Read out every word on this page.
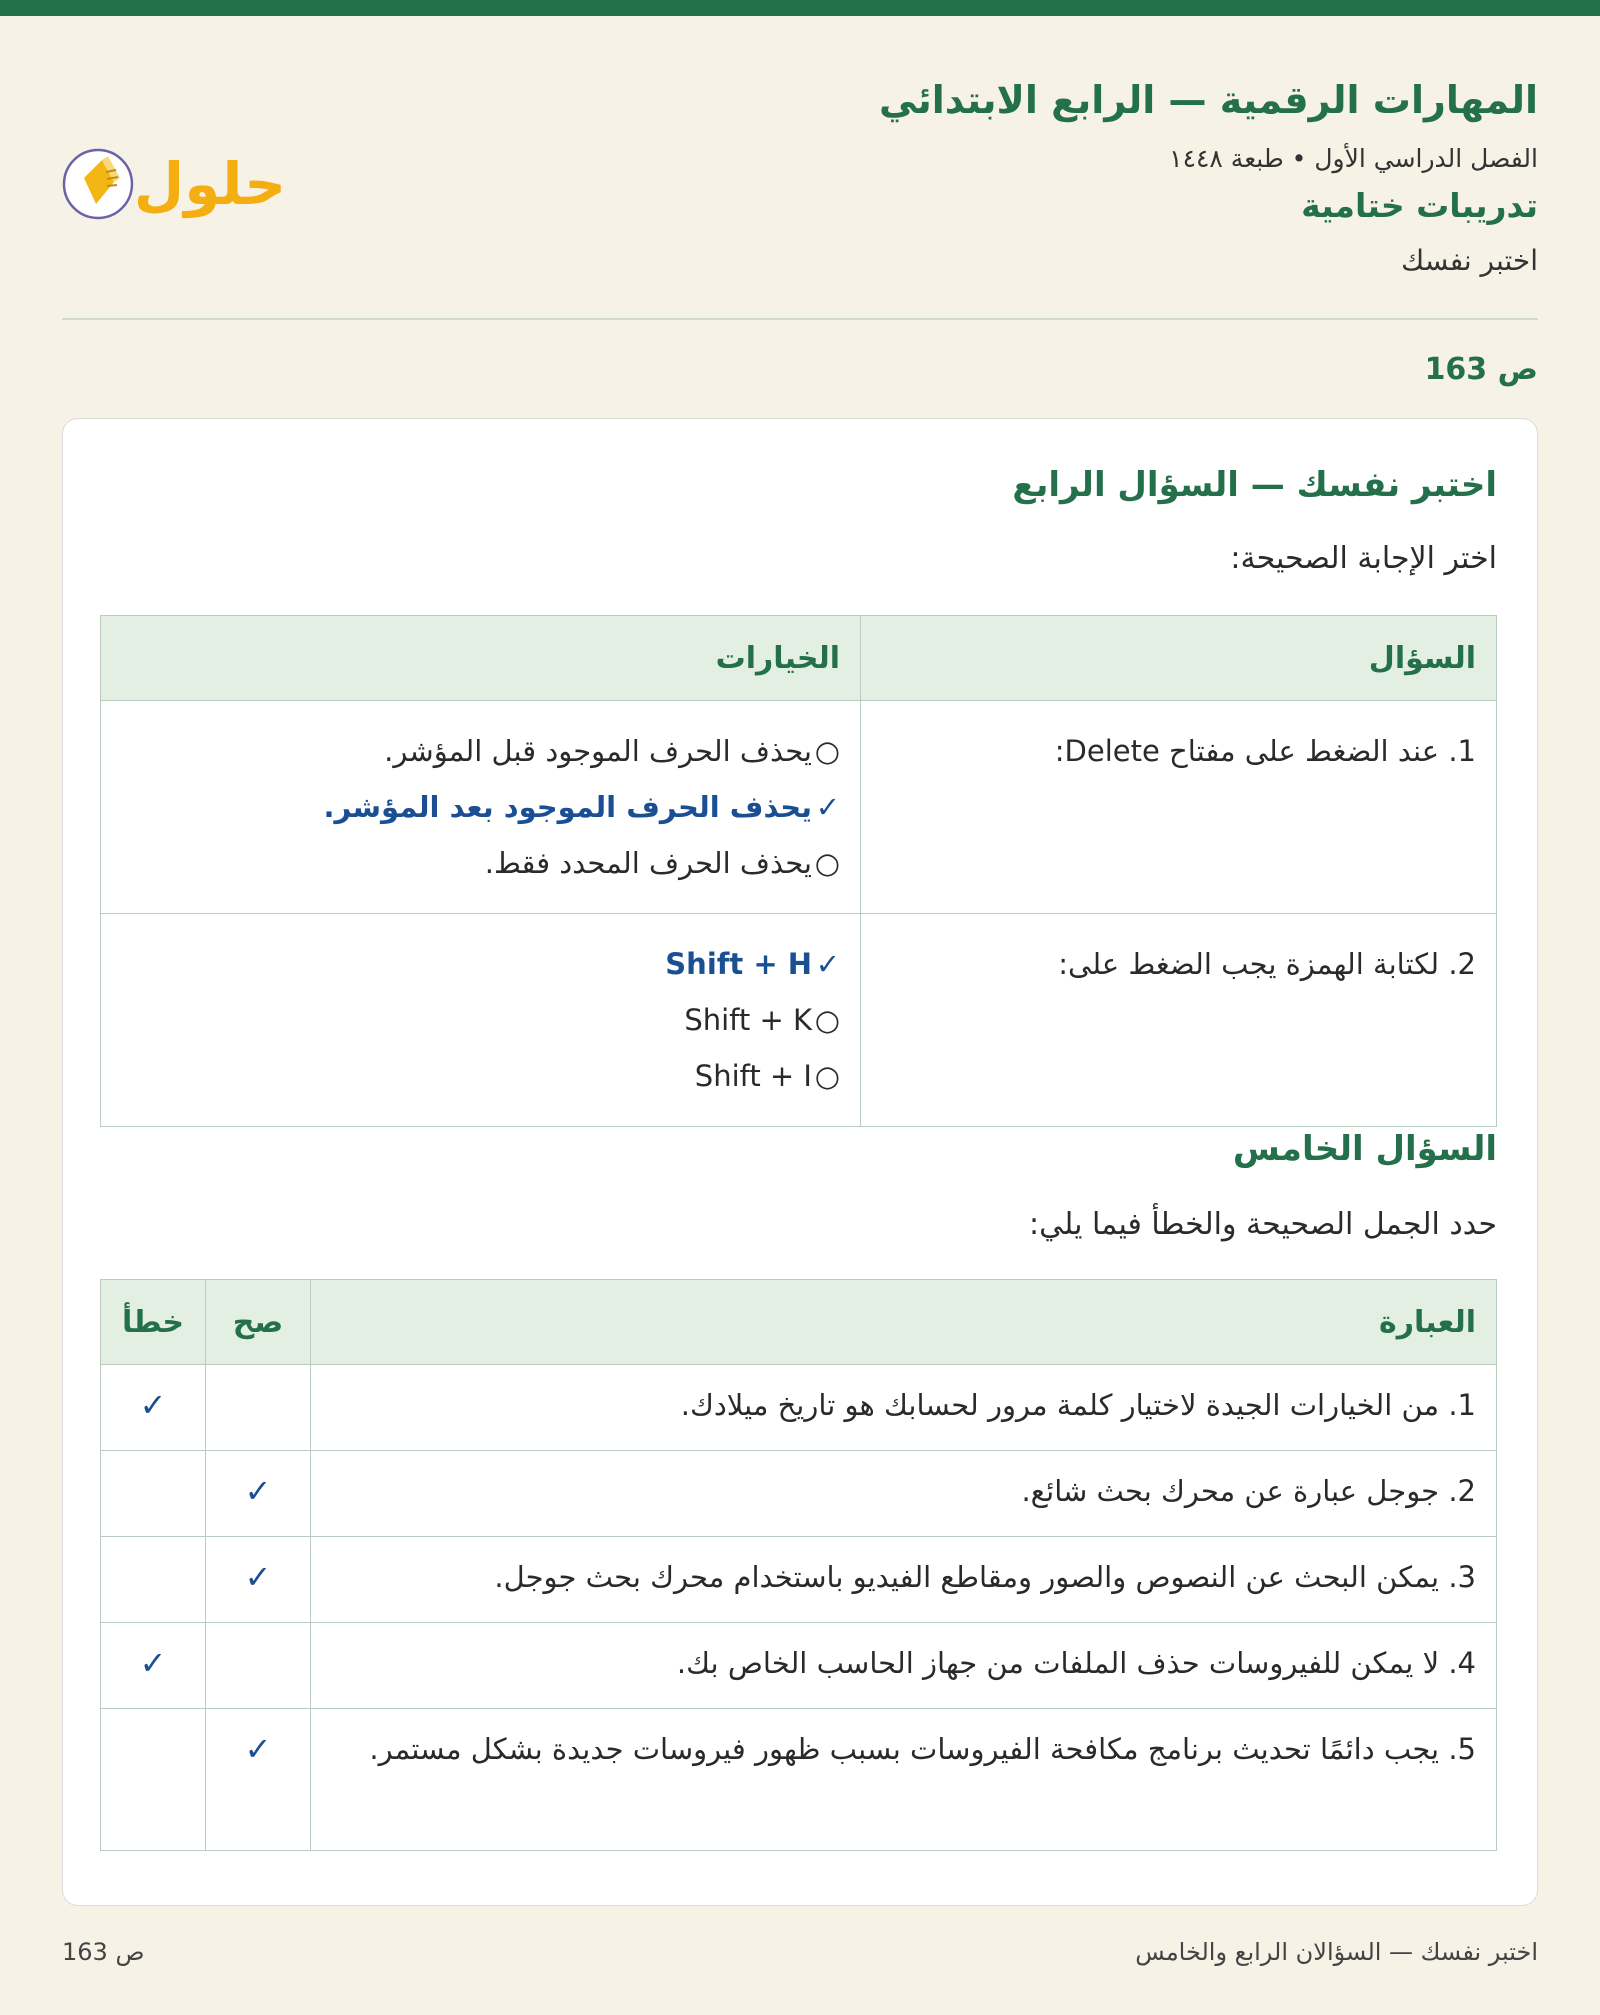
المهارات الرقمية — الرابع الابتدائي
الفصل الدراسي الأول • طبعة ١٤٤٨
تدريبات ختامية
اختبر نفسك
حلول
ص 163
اختبر نفسك — السؤال الرابع

اختر الإجابة الصحيحة:

السؤال	الخيارات
1. عند الضغط على مفتاح Delete:	○يحذف الحرف الموجود قبل المؤشر.
✓يحذف الحرف الموجود بعد المؤشر.
○يحذف الحرف المحدد فقط.

2. لكتابة الهمزة يجب الضغط على:	✓Shift + H
○Shift + K
○Shift + I
السؤال الخامس

حدد الجمل الصحيحة والخطأ فيما يلي:

العبارة	صح	خطأ
1. من الخيارات الجيدة لاختيار كلمة مرور لحسابك هو تاريخ ميلادك.		✓
2. جوجل عبارة عن محرك بحث شائع.	✓	
3. يمكن البحث عن النصوص والصور ومقاطع الفيديو باستخدام محرك بحث جوجل.	✓	
4. لا يمكن للفيروسات حذف الملفات من جهاز الحاسب الخاص بك.		✓
5. يجب دائمًا تحديث برنامج مكافحة الفيروسات بسبب ظهور فيروسات جديدة بشكل مستمر.	✓	
اختبر نفسك — السؤالان الرابع والخامس
ص 163
